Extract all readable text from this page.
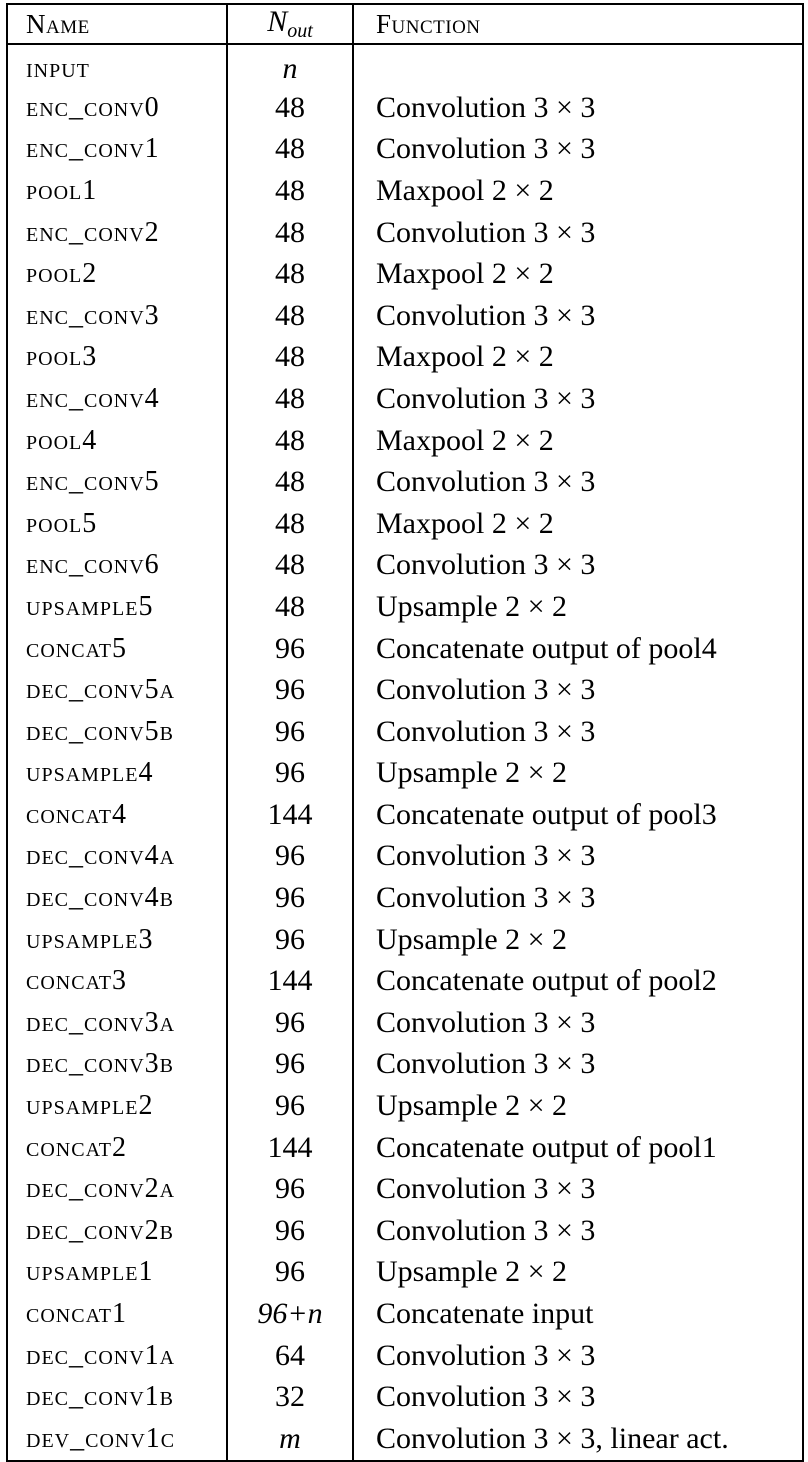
Name	$N_{out}$	Function
input	n	
enc_conv0	48	Convolution 3 × 3
enc_conv1	48	Convolution 3 × 3
pool1	48	Maxpool 2 × 2
enc_conv2	48	Convolution 3 × 3
pool2	48	Maxpool 2 × 2
enc_conv3	48	Convolution 3 × 3
pool3	48	Maxpool 2 × 2
enc_conv4	48	Convolution 3 × 3
pool4	48	Maxpool 2 × 2
enc_conv5	48	Convolution 3 × 3
pool5	48	Maxpool 2 × 2
enc_conv6	48	Convolution 3 × 3
upsample5	48	Upsample 2 × 2
concat5	96	Concatenate output of pool4
dec_conv5a	96	Convolution 3 × 3
dec_conv5b	96	Convolution 3 × 3
upsample4	96	Upsample 2 × 2
concat4	144	Concatenate output of pool3
dec_conv4a	96	Convolution 3 × 3
dec_conv4b	96	Convolution 3 × 3
upsample3	96	Upsample 2 × 2
concat3	144	Concatenate output of pool2
dec_conv3a	96	Convolution 3 × 3
dec_conv3b	96	Convolution 3 × 3
upsample2	96	Upsample 2 × 2
concat2	144	Concatenate output of pool1
dec_conv2a	96	Convolution 3 × 3
dec_conv2b	96	Convolution 3 × 3
upsample1	96	Upsample 2 × 2
concat1	96+n	Concatenate input
dec_conv1a	64	Convolution 3 × 3
dec_conv1b	32	Convolution 3 × 3
dev_conv1c	m	Convolution 3 × 3, linear act.
